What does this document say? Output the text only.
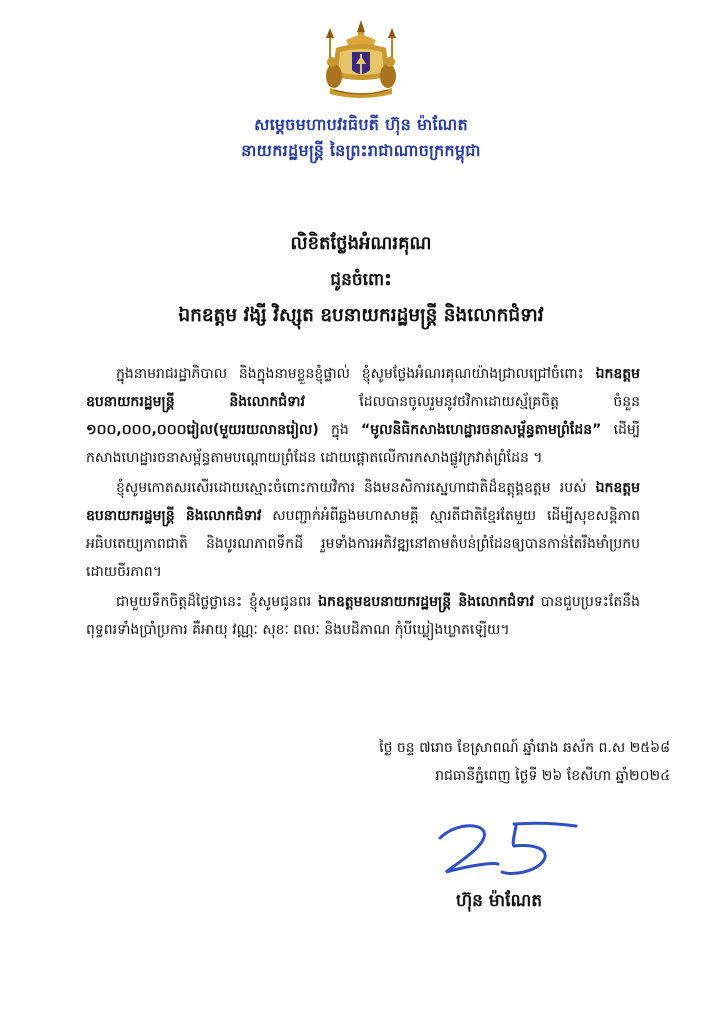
សម្តេចមហាបវរធិបតី ហ៊ុន ម៉ាណែត
នាយករដ្ឋមន្ត្រី នៃព្រះរាជាណាចក្រកម្ពុជា
លិខិតថ្លែងអំណរគុណ
ជូនចំពោះ
ឯកឧត្តម វង្សី វិស្សុត ឧបនាយករដ្ឋមន្ត្រី និងលោកជំទាវ

ក្នុងនាមរាជរដ្ឋាភិបាល និងក្នុងនាមខ្លួនខ្ញុំផ្ទាល់ ខ្ញុំសូមថ្លែងអំណរគុណយ៉ាងជ្រាលជ្រៅចំពោះ ឯកឧត្តមឧបនាយករដ្ឋមន្ត្រី និងលោកជំទាវ ដែលបានចូលរួមនូវថវិកាដោយស្ម័គ្រចិត្ត ចំនួន ១០០,០០០,០០០រៀល(មួយរយលានរៀល) ក្នុង “មូលនិធិកសាងហេដ្ឋារចនាសម្ព័ន្ធតាមព្រំដែន” ដើម្បីកសាងហេដ្ឋារចនាសម្ព័ន្ធតាមបណ្ដោយព្រំដែន ដោយផ្ដោតលើការកសាងផ្លូវក្រវាត់ព្រំដែន ។

ខ្ញុំសូមកោតសរសើរដោយស្មោះចំពោះកាយវិការ និងមនសិការស្នេហាជាតិដ៏ឧត្តុង្គឧត្តម របស់ ឯកឧត្តមឧបនាយករដ្ឋមន្ត្រី និងលោកជំទាវ សបញ្ជាក់អំពីឆ្លងមហាសាមគ្គី ស្មារតីជាតិខ្មែរតែមួយ ដើម្បីសុខសន្តិភាព អធិបតេយ្យភាពជាតិ និងបូរណភាពទឹកដី រួមទាំងការអភិវឌ្ឍនៅតាមតំបន់ព្រំដែនឲ្យបានកាន់តែរឹងមាំប្រកបដោយចីរភាព។

ជាមួយទឹកចិត្តដ៏ថ្លៃថ្លានេះ ខ្ញុំសូមជូនពរ ឯកឧត្តមឧបនាយករដ្ឋមន្ត្រី និងលោកជំទាវ បានជួបប្រទះតែនឹងពុទ្ធពរទាំងប្រាំប្រការ គឺអាយុ វណ្ណៈ សុខៈ ពលៈ និងបដិភាណ កុំបីឃ្លៀងឃ្លាតឡើយ។

ថ្ងៃ ចន្ទ ៧រោច ខែស្រាពណ៍ ឆ្នាំរោង ឆស័ក ព.ស ២៥៦៨
រាជធានីភ្នំពេញ ថ្ងៃទី ២៦ ខែសីហា ឆ្នាំ២០២៤
ហ៊ុន ម៉ាណែត
